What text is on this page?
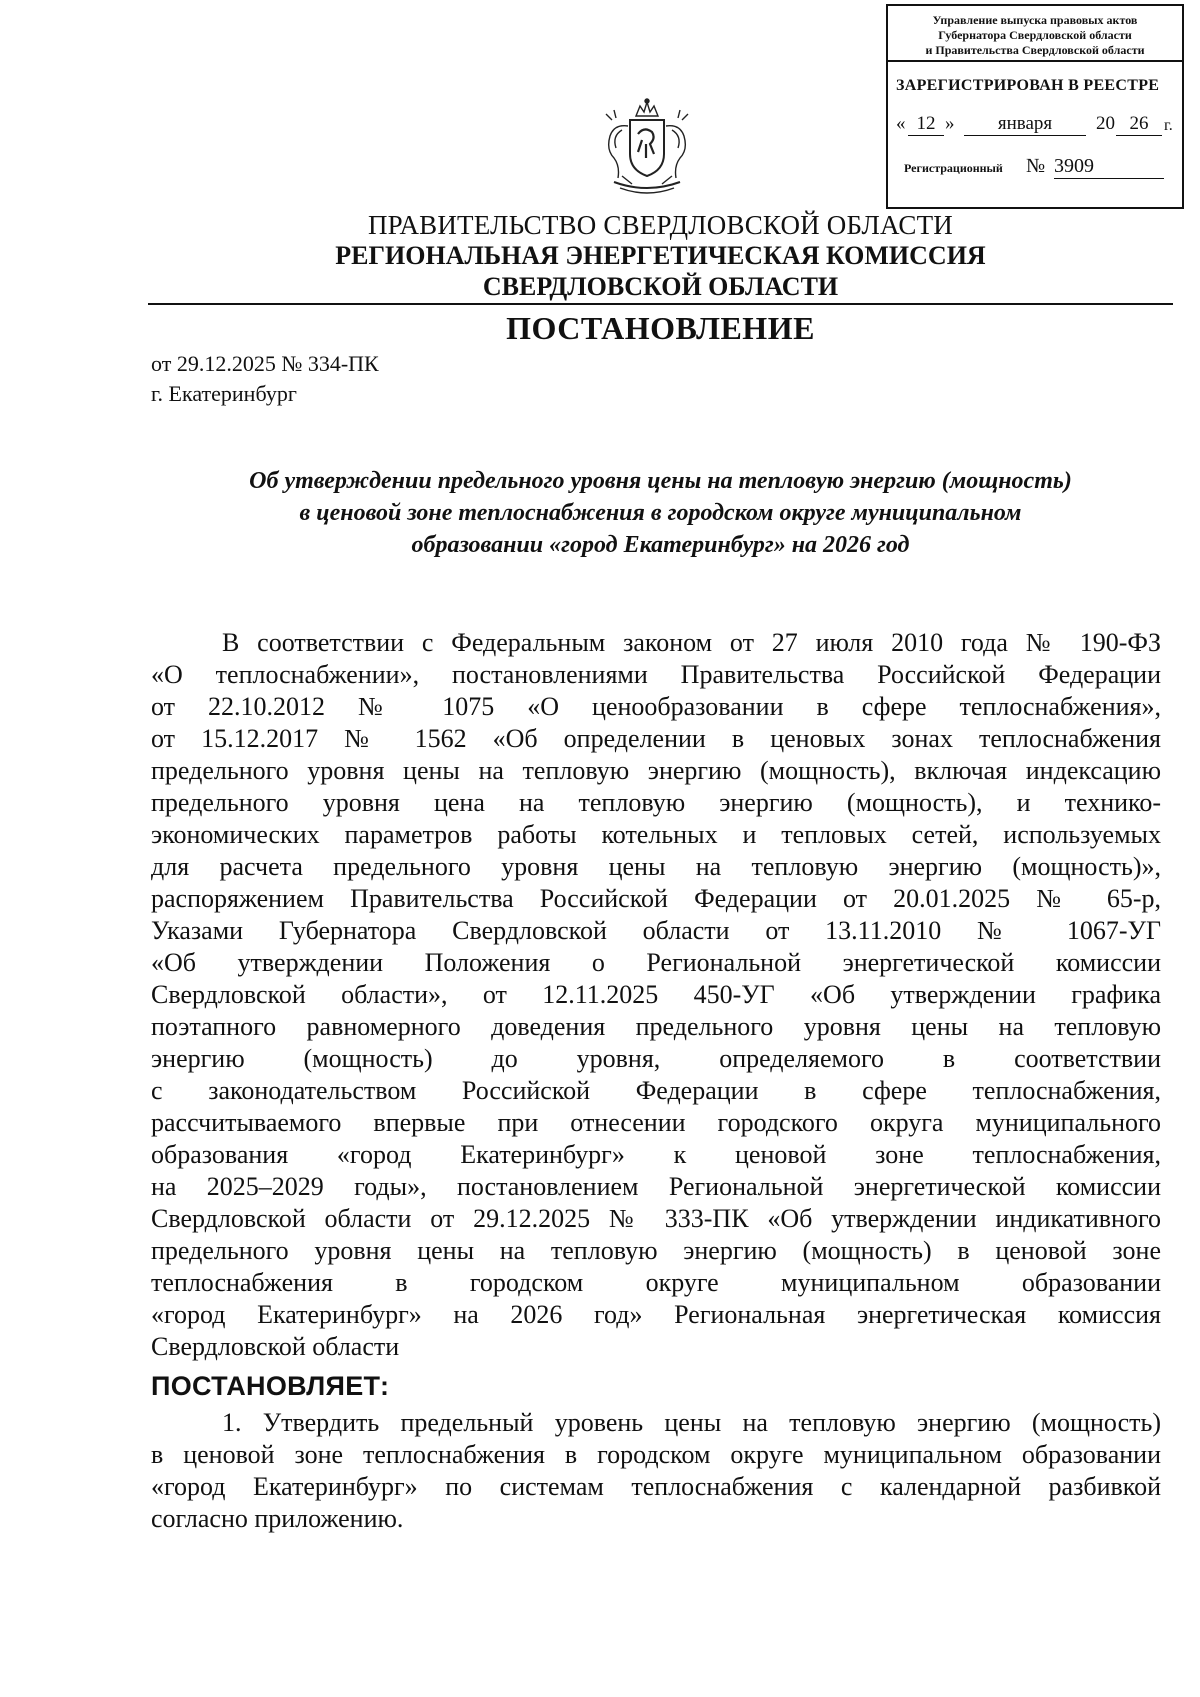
Управление выпуска правовых актов
Губернатора Свердловской области
и Правительства Свердловской области
ЗАРЕГИСТРИРОВАН В РЕЕСТРЕ
« 12 »	января	20 26 г.
Регистрационный № 3909
ПРАВИТЕЛЬСТВО СВЕРДЛОВСКОЙ ОБЛАСТИ
РЕГИОНАЛЬНАЯ ЭНЕРГЕТИЧЕСКАЯ КОМИССИЯ
СВЕРДЛОВСКОЙ ОБЛАСТИ
ПОСТАНОВЛЕНИЕ
от 29.12.2025 № 334-ПК
г. Екатеринбург
Об утверждении предельного уровня цены на тепловую энергию (мощность)
в ценовой зоне теплоснабжения в городском округе муниципальном
образовании «город Екатеринбург» на 2026 год
В соответствии с Федеральным законом от 27 июля 2010 года № 190-ФЗ
«О теплоснабжении», постановлениями Правительства Российской Федерации
от 22.10.2012 № 1075 «О ценообразовании в сфере теплоснабжения»,
от 15.12.2017 № 1562 «Об определении в ценовых зонах теплоснабжения
предельного уровня цены на тепловую энергию (мощность), включая индексацию
предельного уровня цена на тепловую энергию (мощность), и технико-
экономических параметров работы котельных и тепловых сетей, используемых
для расчета предельного уровня цены на тепловую энергию (мощность)»,
распоряжением Правительства Российской Федерации от 20.01.2025 № 65-р,
Указами Губернатора Свердловской области от 13.11.2010 № 1067-УГ
«Об утверждении Положения о Региональной энергетической комиссии
Свердловской области», от 12.11.2025 450-УГ «Об утверждении графика
поэтапного равномерного доведения предельного уровня цены на тепловую
энергию (мощность) до уровня, определяемого в соответствии
с законодательством Российской Федерации в сфере теплоснабжения,
рассчитываемого впервые при отнесении городского округа муниципального
образования «город Екатеринбург» к ценовой зоне теплоснабжения,
на 2025–2029 годы», постановлением Региональной энергетической комиссии
Свердловской области от 29.12.2025 № 333-ПК «Об утверждении индикативного
предельного уровня цены на тепловую энергию (мощность) в ценовой зоне
теплоснабжения в городском округе муниципальном образовании
«город Екатеринбург» на 2026 год» Региональная энергетическая комиссия
Свердловской области
ПОСТАНОВЛЯЕТ:
1. Утвердить предельный уровень цены на тепловую энергию (мощность)
в ценовой зоне теплоснабжения в городском округе муниципальном образовании
«город Екатеринбург» по системам теплоснабжения с календарной разбивкой
согласно приложению.
